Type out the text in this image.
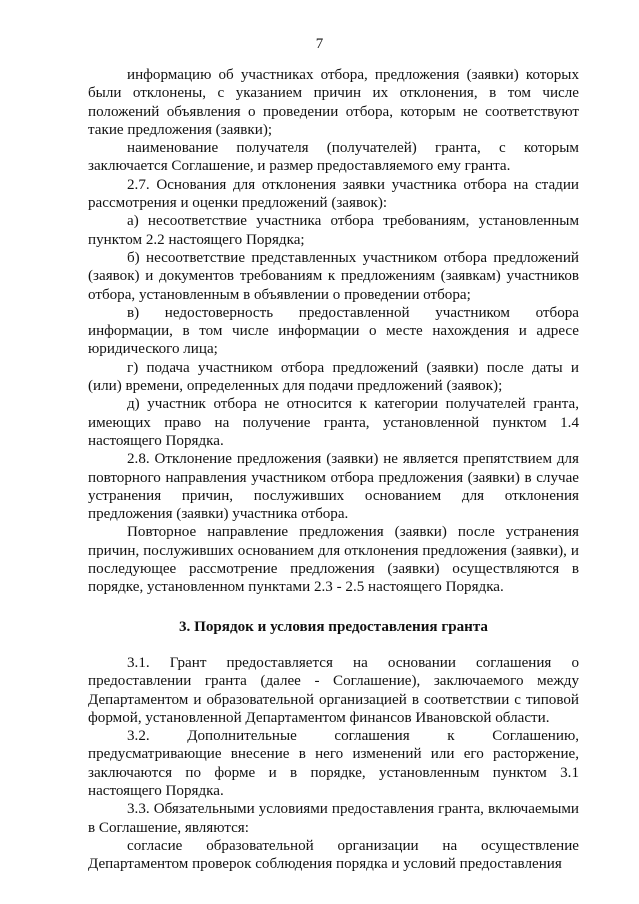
7

информацию об участниках отбора, предложения (заявки) которых были отклонены, с указанием причин их отклонения, в том числе положений объявления о проведении отбора, которым не соответствуют такие предложения (заявки);

наименование получателя (получателей) гранта, с которым заключается Соглашение, и размер предоставляемого ему гранта.

2.7. Основания для отклонения заявки участника отбора на стадии рассмотрения и оценки предложений (заявок):

а) несоответствие участника отбора требованиям, установленным пунктом 2.2 настоящего Порядка;

б) несоответствие представленных участником отбора предложений (заявок) и документов требованиям к предложениям (заявкам) участников отбора, установленным в объявлении о проведении отбора;

в) недостоверность предоставленной участником отбора информации, в том числе информации о месте нахождения и адресе юридического лица;

г) подача участником отбора предложений (заявки) после даты и (или) времени, определенных для подачи предложений (заявок);

д) участник отбора не относится к категории получателей гранта, имеющих право на получение гранта, установленной пунктом 1.4 настоящего Порядка.

2.8. Отклонение предложения (заявки) не является препятствием для повторного направления участником отбора предложения (заявки) в случае устранения причин, послуживших основанием для отклонения предложения (заявки) участника отбора.

Повторное направление предложения (заявки) после устранения причин, послуживших основанием для отклонения предложения (заявки), и последующее рассмотрение предложения (заявки) осуществляются в порядке, установленном пунктами 2.3 - 2.5 настоящего Порядка.

3. Порядок и условия предоставления гранта

3.1. Грант предоставляется на основании соглашения о предоставлении гранта (далее - Соглашение), заключаемого между Департаментом и образовательной организацией в соответствии с типовой формой, установленной Департаментом финансов Ивановской области.

3.2. Дополнительные соглашения к Соглашению, предусматривающие внесение в него изменений или его расторжение, заключаются по форме и в порядке, установленным пунктом 3.1 настоящего Порядка.

3.3. Обязательными условиями предоставления гранта, включаемыми в Соглашение, являются:

согласие образовательной организации на осуществление Департаментом проверок соблюдения порядка и условий предоставления
